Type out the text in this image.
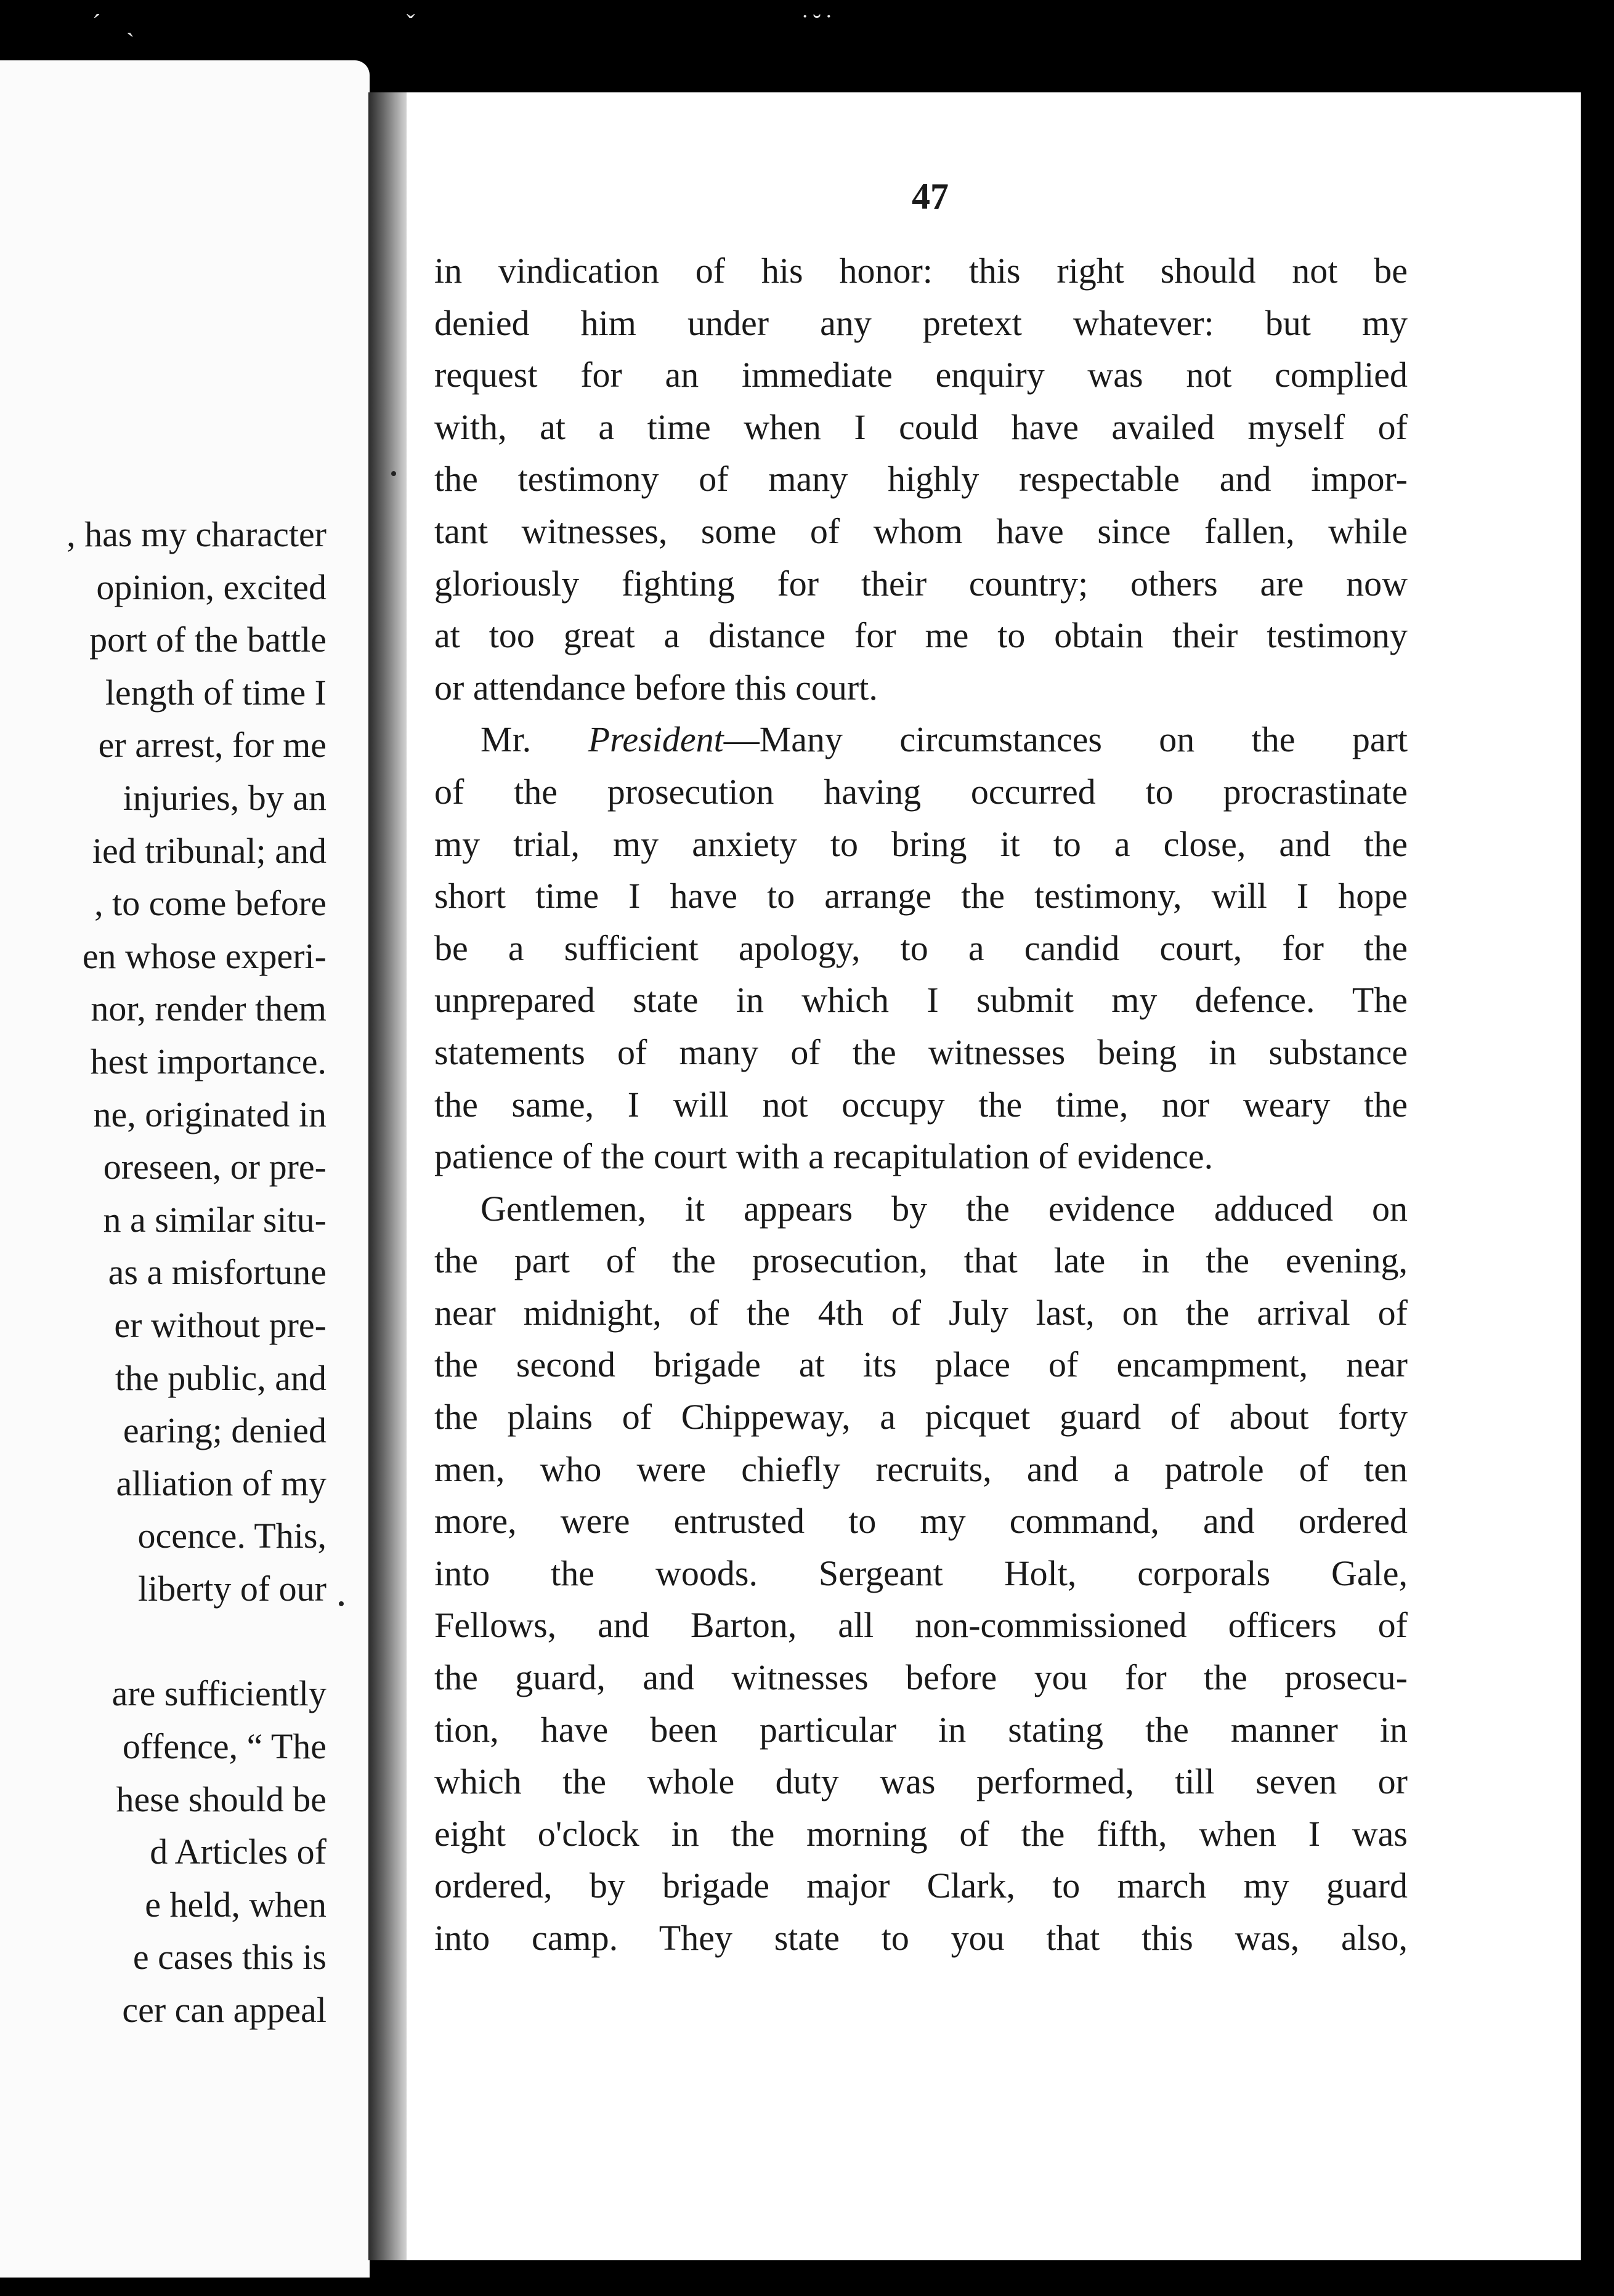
ˊ ˏ	ˇ	˙˘˙
, has my character
opinion, excited
port of the battle
length of time I
er arrest, for me
injuries, by an
ied tribunal; and
, to come before
en whose experi-
nor, render them
hest importance.
ne, originated in
oreseen, or pre-
n a similar situ-
as a misfortune
er without pre-
the public, and
earing; denied
alliation of my
ocence. This,
liberty of our
are sufficiently
offence, “ The
hese should be
d Articles of
e held, when
e cases this is
cer can appeal
47
in vindication of his honor: this right should not be
denied him under any pretext whatever: but my
request for an immediate enquiry was not complied
with, at a time when I could have availed myself of
the testimony of many highly respectable and impor-
tant witnesses, some of whom have since fallen, while
gloriously fighting for their country; others are now
at too great a distance for me to obtain their testimony
or attendance before this court.
Mr. President—Many circumstances on the part
of the prosecution having occurred to procrastinate
my trial, my anxiety to bring it to a close, and the
short time I have to arrange the testimony, will I hope
be a sufficient apology, to a candid court, for the
unprepared state in which I submit my defence. The
statements of many of the witnesses being in substance
the same, I will not occupy the time, nor weary the
patience of the court with a recapitulation of evidence.
Gentlemen, it appears by the evidence adduced on
the part of the prosecution, that late in the evening,
near midnight, of the 4th of July last, on the arrival of
the second brigade at its place of encampment, near
the plains of Chippeway, a picquet guard of about forty
men, who were chiefly recruits, and a patrole of ten
more, were entrusted to my command, and ordered
into the woods. Sergeant Holt, corporals Gale,
Fellows, and Barton, all non-commissioned officers of
the guard, and witnesses before you for the prosecu-
tion, have been particular in stating the manner in
which the whole duty was performed, till seven or
eight o'clock in the morning of the fifth, when I was
ordered, by brigade major Clark, to march my guard
into camp. They state to you that this was, also,
